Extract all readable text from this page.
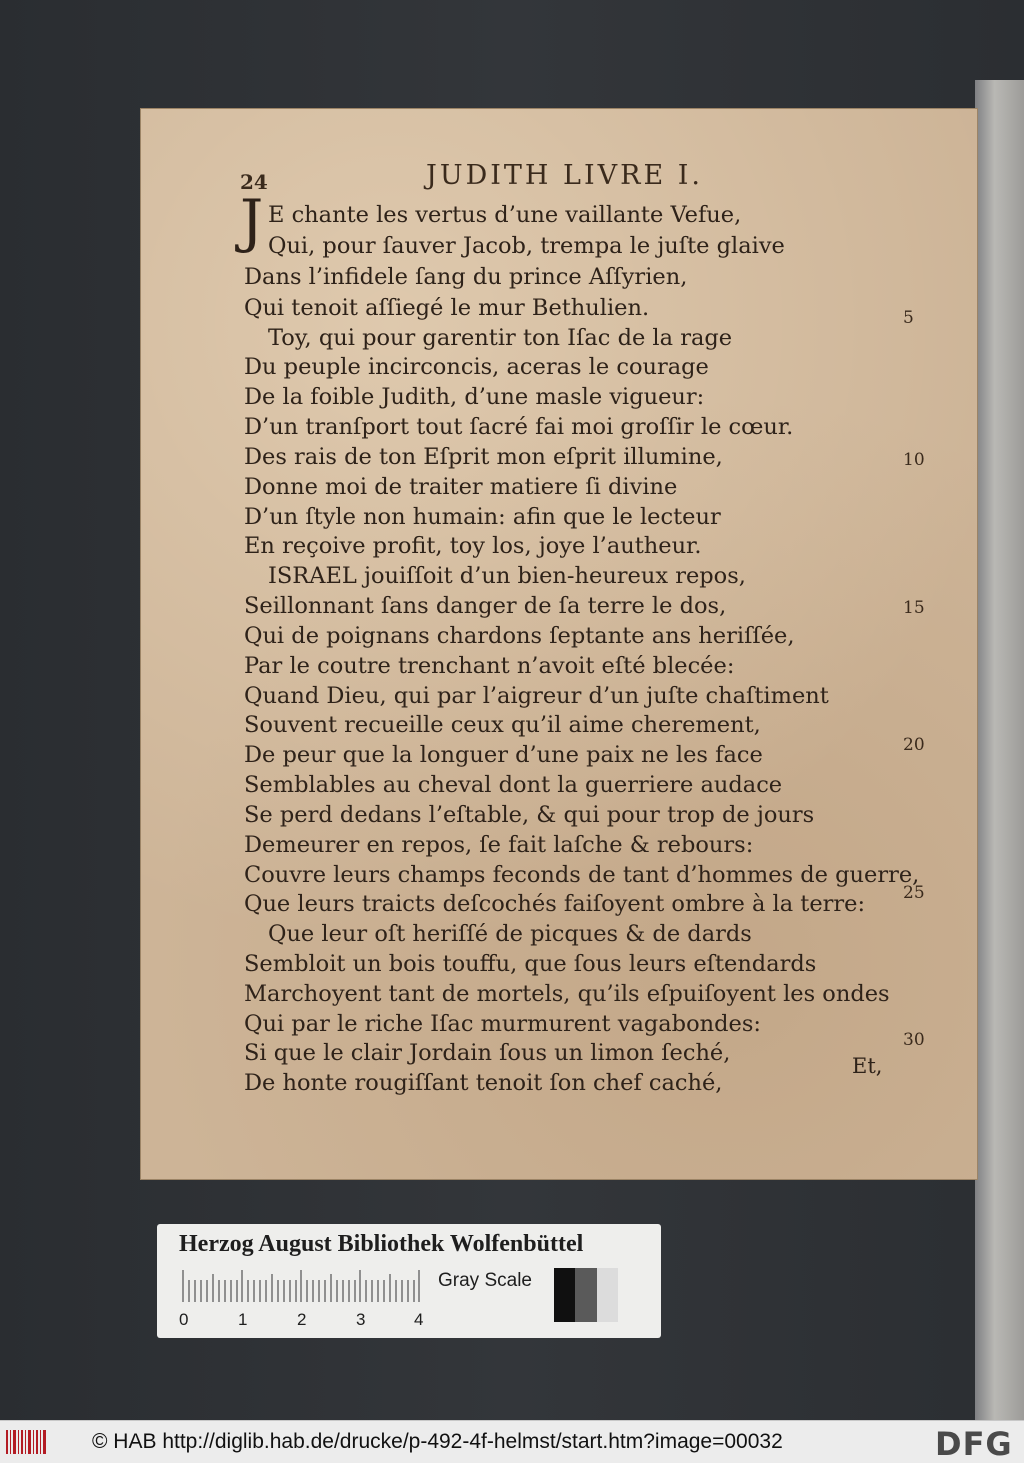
24	JUDITH LIVRE I.
J E chante les vertus d’une vaillante Vefue,
Qui, pour ſauver Jacob, trempa le juſte glaive
Dans l’infidele ſang du prince Aſſyrien,
Qui tenoit aſſiegé le mur Bethulien.
Toy, qui pour garentir ton Iſac de la rage
Du peuple incirconcis, aceras le courage
De la foible Judith, d’une masle vigueur:
D’un tranſport tout ſacré fai moi groſſir le cœur.
Des rais de ton Eſprit mon eſprit illumine,
Donne moi de traiter matiere ſi divine
D’un ſtyle non humain: afin que le lecteur
En reçoive profit, toy los, joye l’autheur.
ISRAEL jouiſſoit d’un bien-heureux repos,
Seillonnant ſans danger de ſa terre le dos,
Qui de poignans chardons ſeptante ans heriſſée,
Par le coutre trenchant n’avoit eſté blecée:
Quand Dieu, qui par l’aigreur d’un juſte chaſtiment
Souvent recueille ceux qu’il aime cherement,
De peur que la longuer d’une paix ne les face
Semblables au cheval dont la guerriere audace
Se perd dedans l’eſtable, & qui pour trop de jours
Demeurer en repos, ſe fait laſche & rebours:
Couvre leurs champs feconds de tant d’hommes de guerre,
Que leurs traicts deſcochés faiſoyent ombre à la terre:
Que leur oſt heriſſé de picques & de dards
Sembloit un bois touffu, que ſous leurs eſtendards
Marchoyent tant de mortels, qu’ils eſpuiſoyent les ondes
Qui par le riche Iſac murmurent vagabondes:
Si que le clair Jordain ſous un limon ſeché,
De honte rougiſſant tenoit ſon chef caché,
5
10
15
20
25
30
Et,
Herzog August Bibliothek Wolfenbüttel
0	1	2	3	4
Gray Scale
© HAB http://diglib.hab.de/drucke/p-492-4f-helmst/start.htm?image=00032	DFG
